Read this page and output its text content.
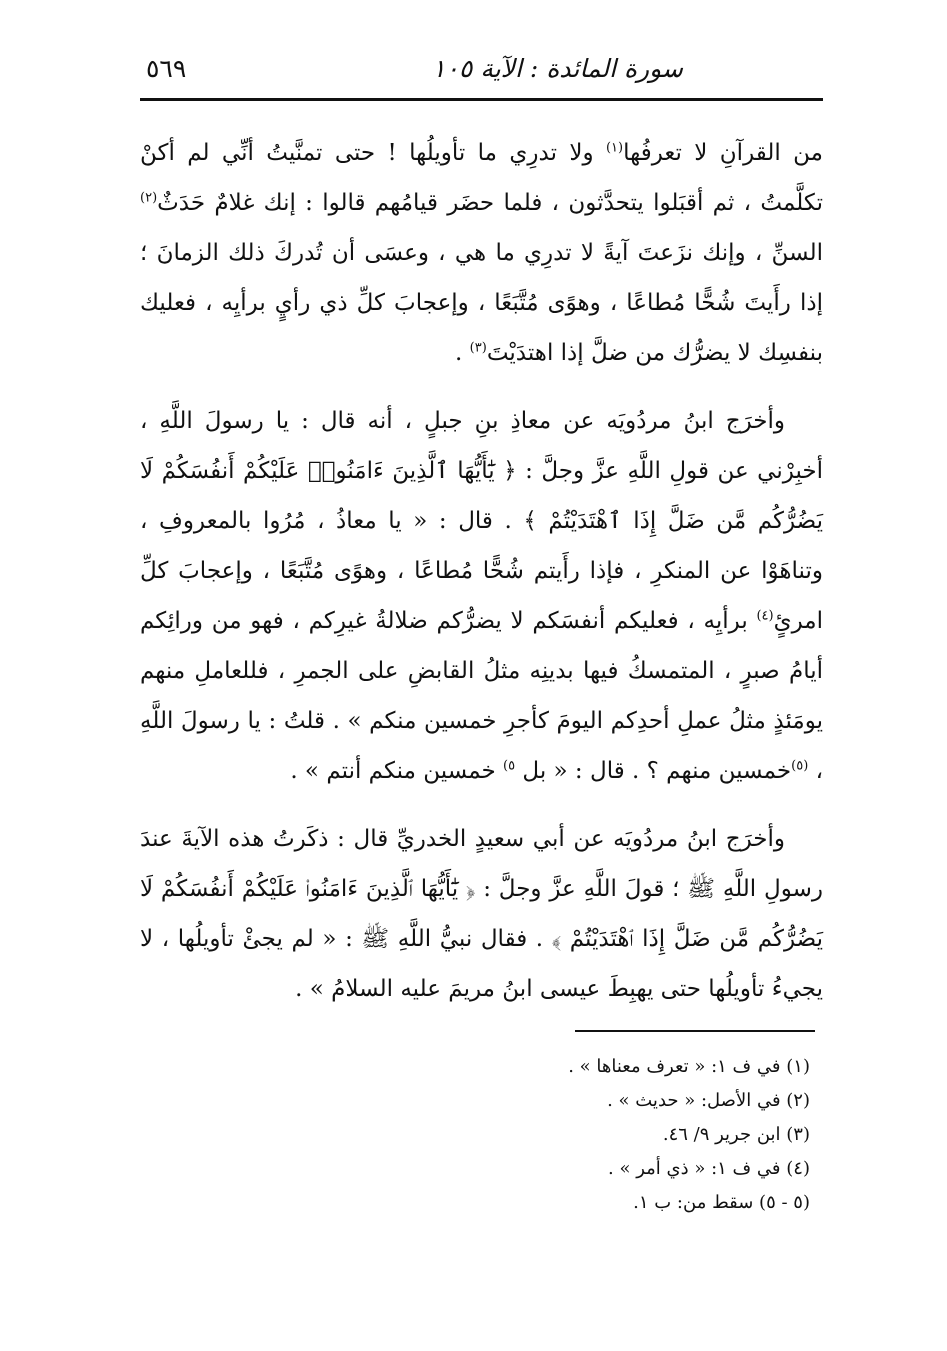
سورة المائدة : الآية ١٠٥
٥٦٩

من القرآنِ لا تعرفُها$^{(١)}$ ولا تدرِي ما تأويلُها ! حتى تمنَّيتُ أنِّي لم أكنْ تكلَّمتُ ، ثم أقبَلوا يتحدَّثون ، فلما حضَر قيامُهم قالوا : إنك غلامٌ حَدَثٌ$^{(٢)}$ السنِّ ، وإنك نزَعتَ آيةً لا تدرِي ما هي ، وعسَى أن تُدركَ ذلك الزمانَ ؛ إذا رأَيتَ شُحًّا مُطاعًا ، وهوًى مُتَّبَعًا ، وإعجابَ كلِّ ذي رأيٍ برأيِه ، فعليك بنفسِك لا يضرُّك من ضلَّ إذا اهتدَيْتَ$^{(٣)}$ .

وأخرَج ابنُ مردُويَه عن معاذِ بنِ جبلٍ ، أنه قال : يا رسولَ اللَّهِ ، أخبِرْني عن قولِ اللَّهِ عزَّ وجلَّ : ﴿ يَٰٓأَيُّهَا ٱلَّذِينَ ءَامَنُوا۟ عَلَيْكُمْ أَنفُسَكُمْ لَا يَضُرُّكُم مَّن ضَلَّ إِذَا ٱهْتَدَيْتُمْ ﴾ . قال : « يا معاذُ ، مُرُوا بالمعروفِ ، وتناهَوْا عن المنكرِ ، فإذا رأَيتم شُحًّا مُطاعًا ، وهوًى مُتَّبَعًا ، وإعجابَ كلِّ امرئٍ$^{(٤)}$ برأيِه ، فعليكم أنفسَكم لا يضرُّكم ضلالةُ غيرِكم ، فهو من ورائِكم أيامُ صبرٍ ، المتمسكُ فيها بدينِه مثلُ القابضِ على الجمرِ ، فللعاملِ منهم يومَئذٍ مثلُ عملِ أحدِكم اليومَ كأجرِ خمسين منكم » . قلتُ : يا رسولَ اللَّهِ ، $^{(٥)}$خمسين منهم ؟ . قال : « بل $^{٥)}$ خمسين منكم أنتم » .

وأخرَج ابنُ مردُويَه عن أبي سعيدٍ الخدريِّ قال : ذكَرتُ هذه الآيةَ عندَ رسولِ اللَّهِ ﷺ ؛ قولَ اللَّهِ عزَّ وجلَّ : ﴿ يَٰٓأَيُّهَا ٱلَّذِينَ ءَامَنُوا۟ عَلَيْكُمْ أَنفُسَكُمْ لَا يَضُرُّكُم مَّن ضَلَّ إِذَا ٱهْتَدَيْتُمْ ﴾ . فقال نبيُّ اللَّهِ ﷺ : « لم يجئْ تأويلُها ، لا يجيءُ تأويلُها حتى يهبِطَ عيسى ابنُ مريمَ عليه السلامُ » .

(١) في ف ١: « تعرف معناها » .
(٢) في الأصل: « حديث » .
(٣) ابن جرير ٩/ ٤٦.
(٤) في ف ١: « ذي أمر » .
(٥ - ٥) سقط من: ب ١.
